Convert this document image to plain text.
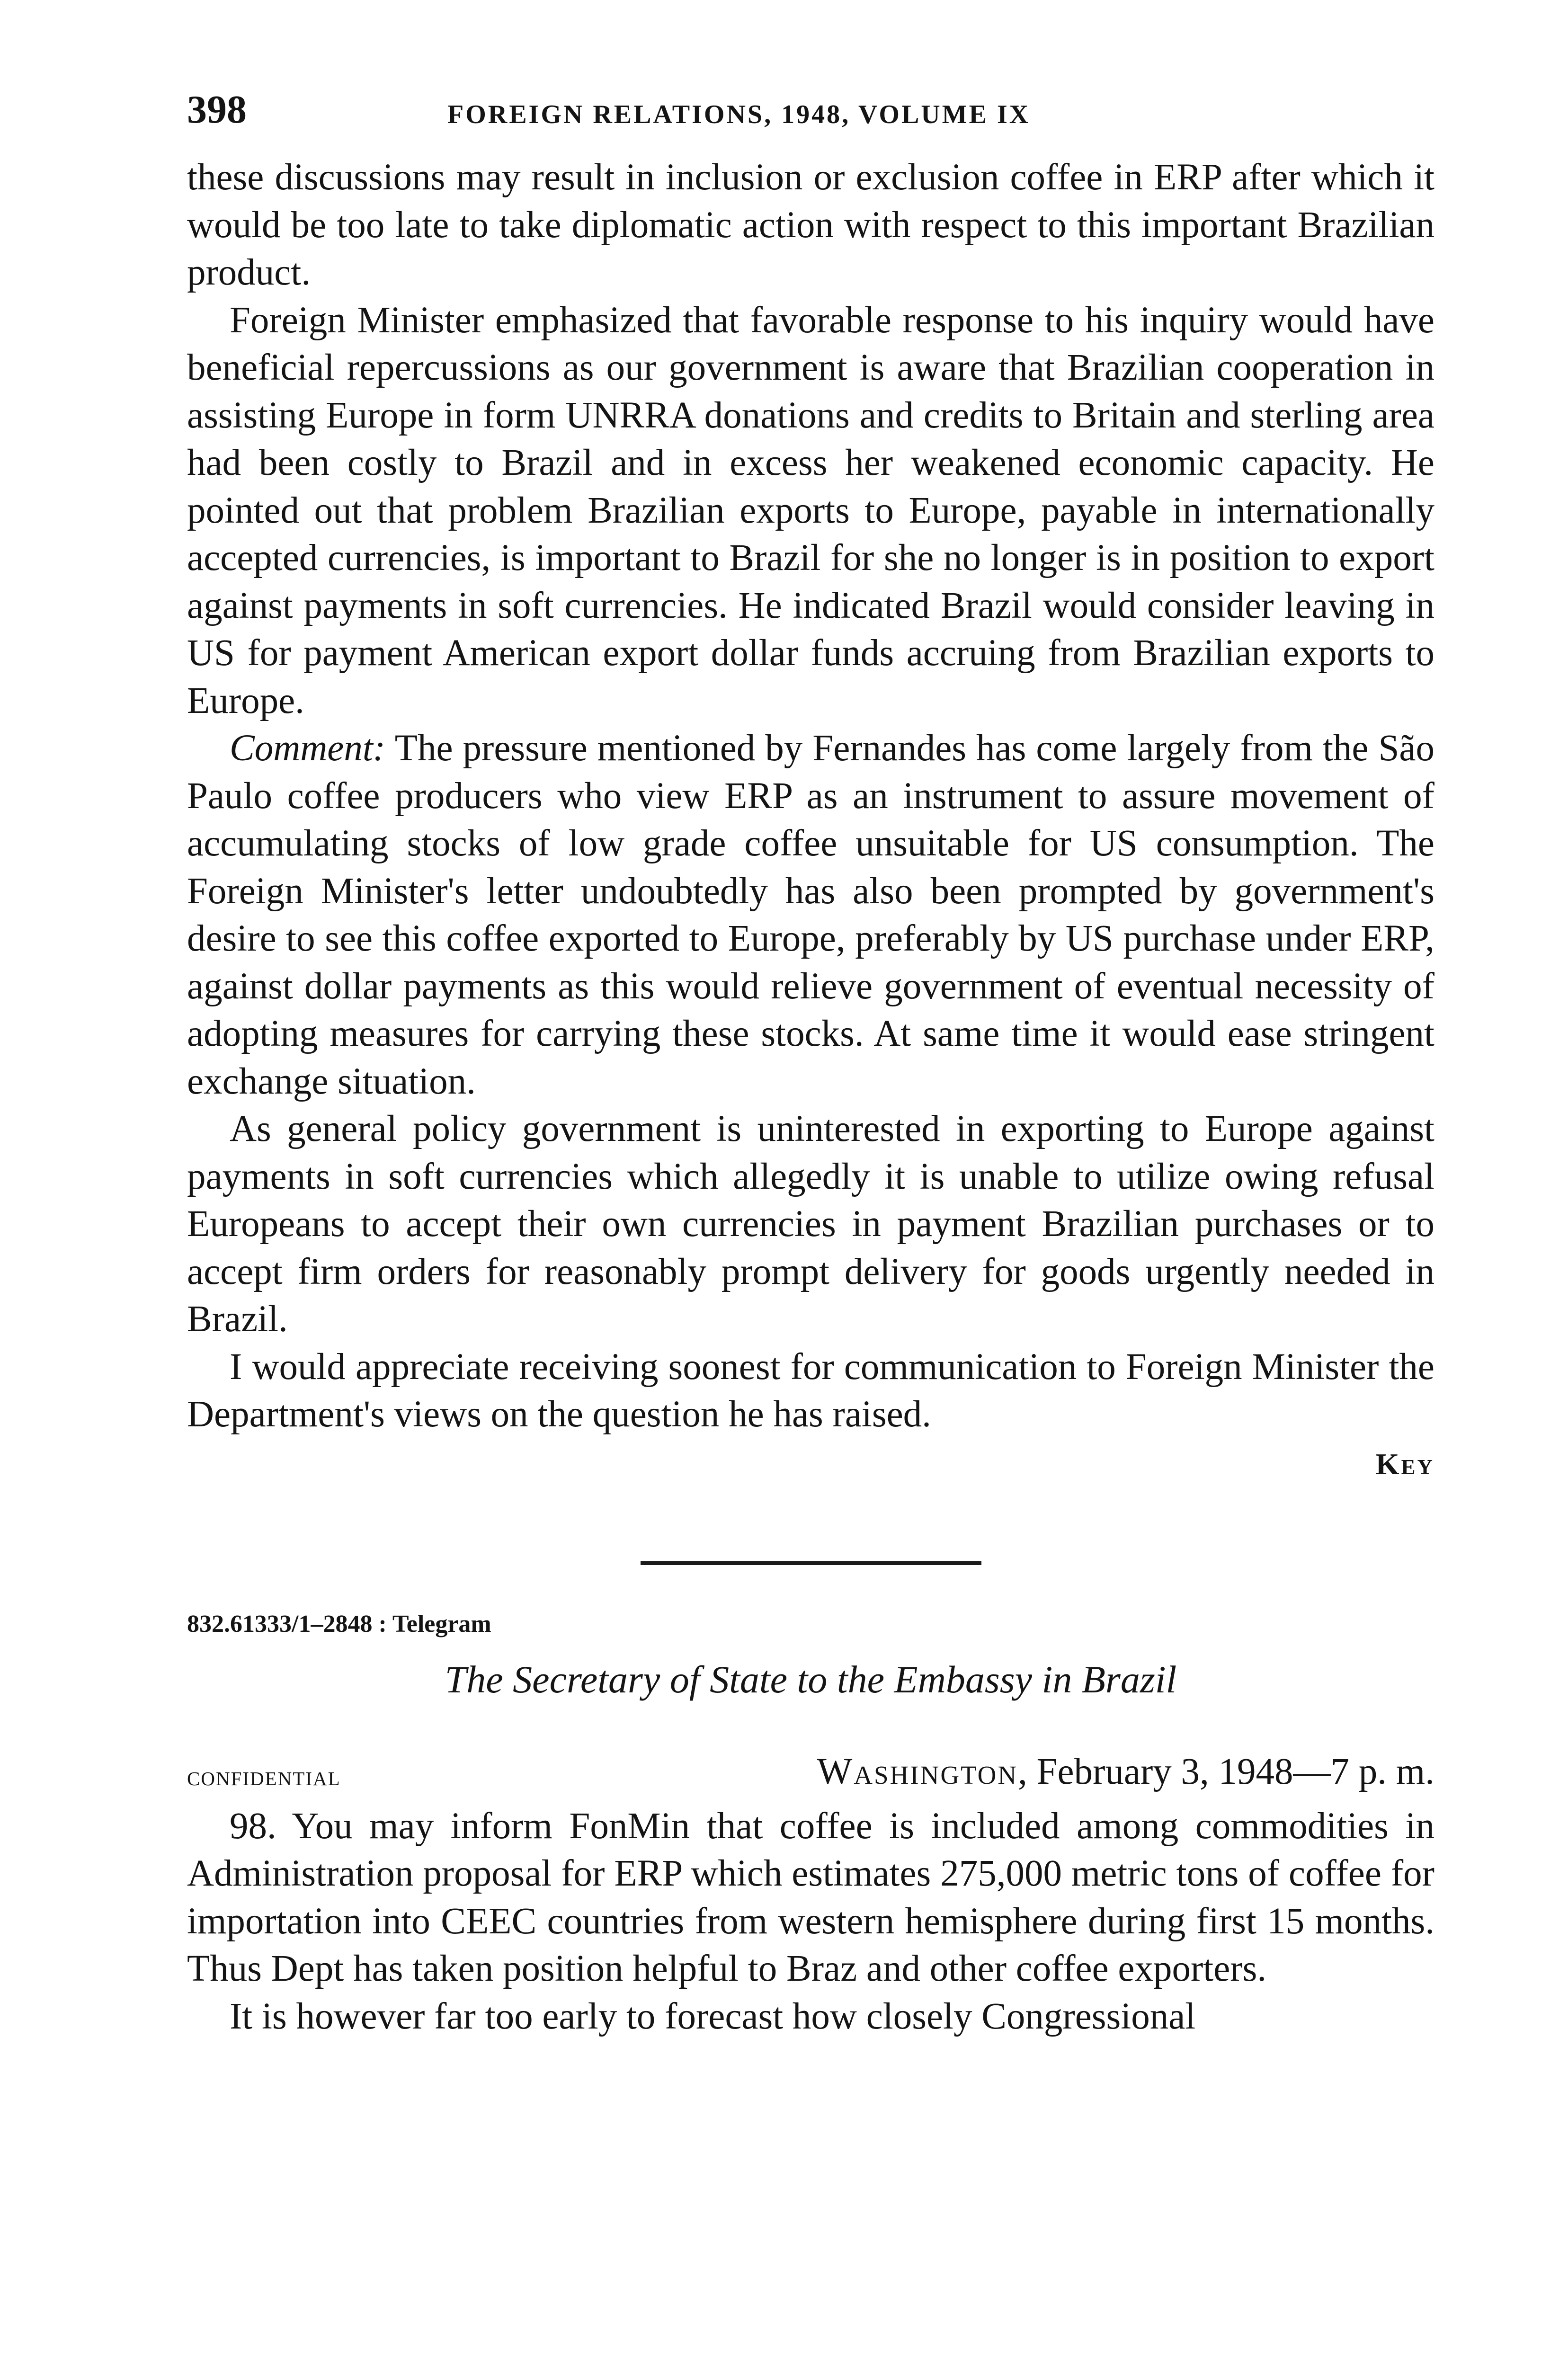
398	FOREIGN RELATIONS, 1948, VOLUME IX

these discussions may result in inclusion or exclusion coffee in ERP after which it would be too late to take diplomatic action with respect to this important Brazilian product.

Foreign Minister emphasized that favorable response to his inquiry would have beneficial repercussions as our government is aware that Brazilian cooperation in assisting Europe in form UNRRA donations and credits to Britain and sterling area had been costly to Brazil and in excess her weakened economic capacity. He pointed out that problem Brazilian exports to Europe, payable in internationally accepted currencies, is important to Brazil for she no longer is in position to export against payments in soft currencies. He indicated Brazil would consider leaving in US for payment American export dollar funds accruing from Brazilian exports to Europe.

Comment: The pressure mentioned by Fernandes has come largely from the São Paulo coffee producers who view ERP as an instrument to assure movement of accumulating stocks of low grade coffee unsuitable for US consumption. The Foreign Minister's letter undoubtedly has also been prompted by government's desire to see this coffee exported to Europe, preferably by US purchase under ERP, against dollar payments as this would relieve government of eventual necessity of adopting measures for carrying these stocks. At same time it would ease stringent exchange situation.

As general policy government is uninterested in exporting to Europe against payments in soft currencies which allegedly it is unable to utilize owing refusal Europeans to accept their own currencies in payment Brazilian purchases or to accept firm orders for reasonably prompt delivery for goods urgently needed in Brazil.

I would appreciate receiving soonest for communication to Foreign Minister the Department's views on the question he has raised.

Key
832.61333/1–2848 : Telegram
The Secretary of State to the Embassy in Brazil
confidential	Washington, February 3, 1948—7 p. m.

98. You may inform FonMin that coffee is included among commodities in Administration proposal for ERP which estimates 275,000 metric tons of coffee for importation into CEEC countries from western hemisphere during first 15 months. Thus Dept has taken position helpful to Braz and other coffee exporters.

It is however far too early to forecast how closely Congressional
